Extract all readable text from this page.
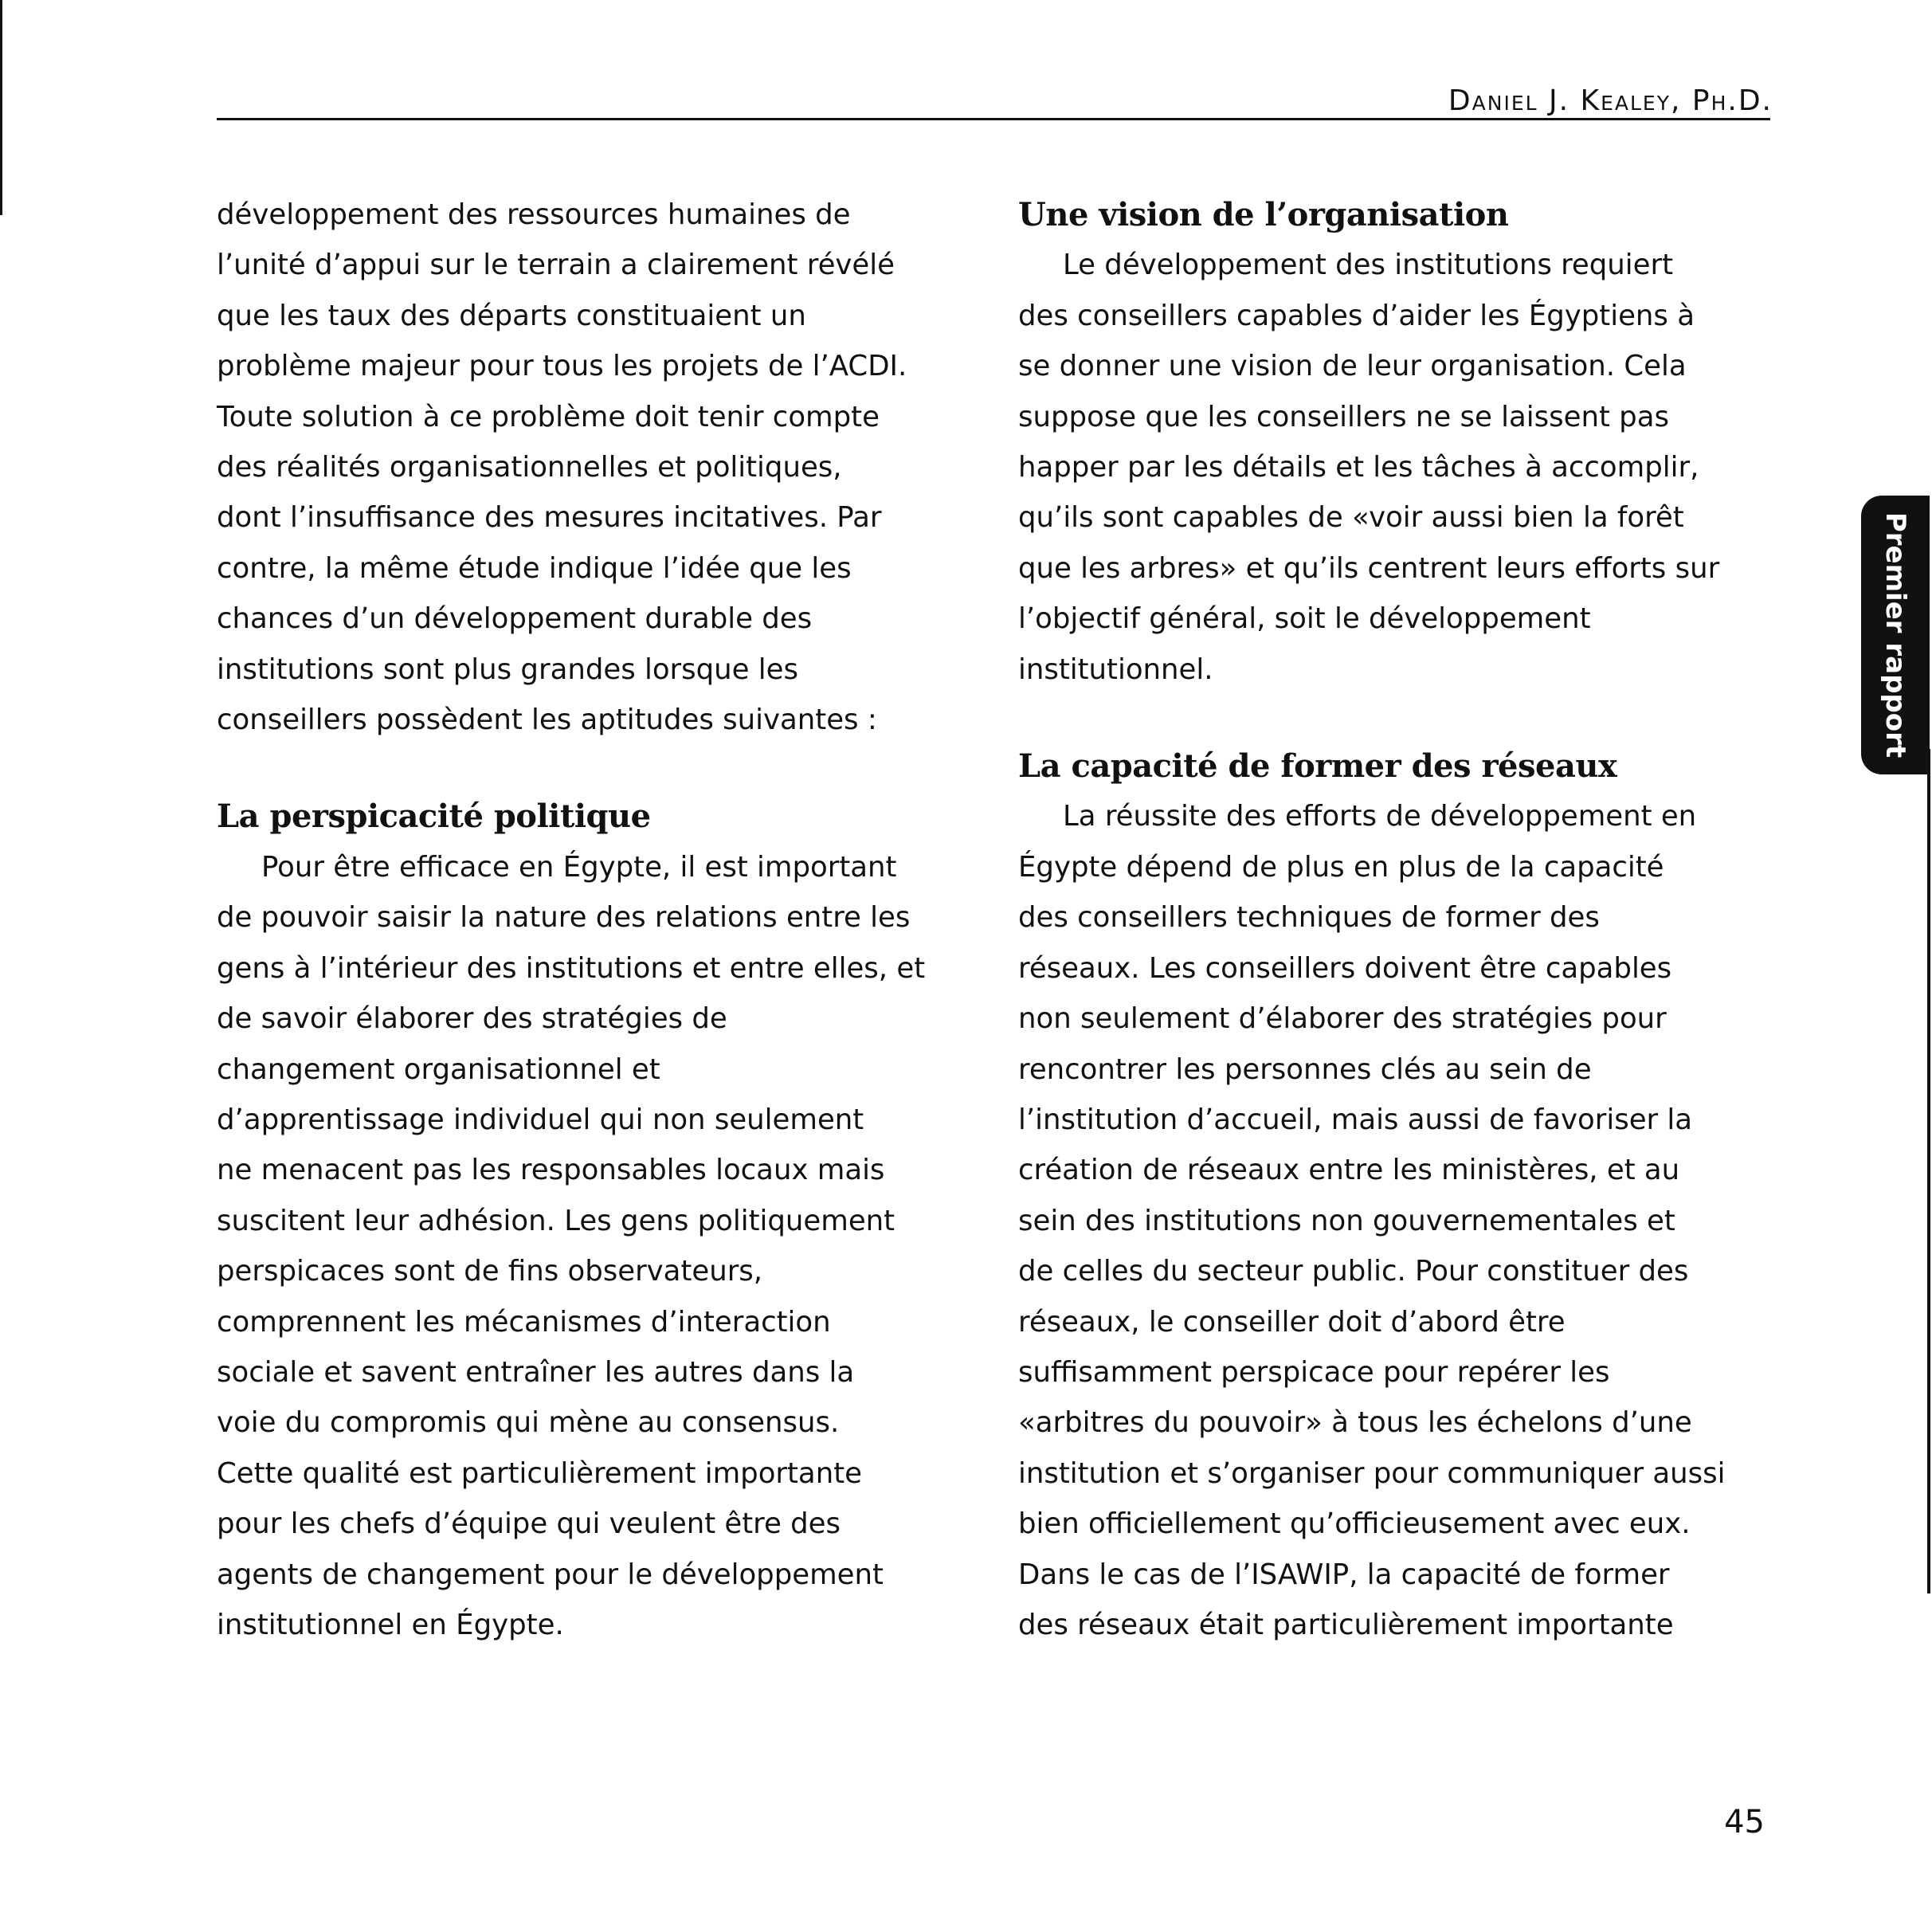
Daniel J. Kealey, Ph.D.
développement des ressources humaines de
l’unité d’appui sur le terrain a clairement révélé
que les taux des départs constituaient un
problème majeur pour tous les projets de l’ACDI.
Toute solution à ce problème doit tenir compte
des réalités organisationnelles et politiques,
dont l’insuffisance des mesures incitatives. Par
contre, la même étude indique l’idée que les
chances d’un développement durable des
institutions sont plus grandes lorsque les
conseillers possèdent les aptitudes suivantes :
La perspicacité politique
Pour être efficace en Égypte, il est important
de pouvoir saisir la nature des relations entre les
gens à l’intérieur des institutions et entre elles, et
de savoir élaborer des stratégies de
changement organisationnel et
d’apprentissage individuel qui non seulement
ne menacent pas les responsables locaux mais
suscitent leur adhésion. Les gens politiquement
perspicaces sont de fins observateurs,
comprennent les mécanismes d’interaction
sociale et savent entraîner les autres dans la
voie du compromis qui mène au consensus.
Cette qualité est particulièrement importante
pour les chefs d’équipe qui veulent être des
agents de changement pour le développement
institutionnel en Égypte.
Une vision de l’organisation
Le développement des institutions requiert
des conseillers capables d’aider les Égyptiens à
se donner une vision de leur organisation. Cela
suppose que les conseillers ne se laissent pas
happer par les détails et les tâches à accomplir,
qu’ils sont capables de «voir aussi bien la forêt
que les arbres» et qu’ils centrent leurs efforts sur
l’objectif général, soit le développement
institutionnel.
La capacité de former des réseaux
La réussite des efforts de développement en
Égypte dépend de plus en plus de la capacité
des conseillers techniques de former des
réseaux. Les conseillers doivent être capables
non seulement d’élaborer des stratégies pour
rencontrer les personnes clés au sein de
l’institution d’accueil, mais aussi de favoriser la
création de réseaux entre les ministères, et au
sein des institutions non gouvernementales et
de celles du secteur public. Pour constituer des
réseaux, le conseiller doit d’abord être
suffisamment perspicace pour repérer les
«arbitres du pouvoir» à tous les échelons d’une
institution et s’organiser pour communiquer aussi
bien officiellement qu’officieusement avec eux.
Dans le cas de l’ISAWIP, la capacité de former
des réseaux était particulièrement importante
Premier rapport
45
